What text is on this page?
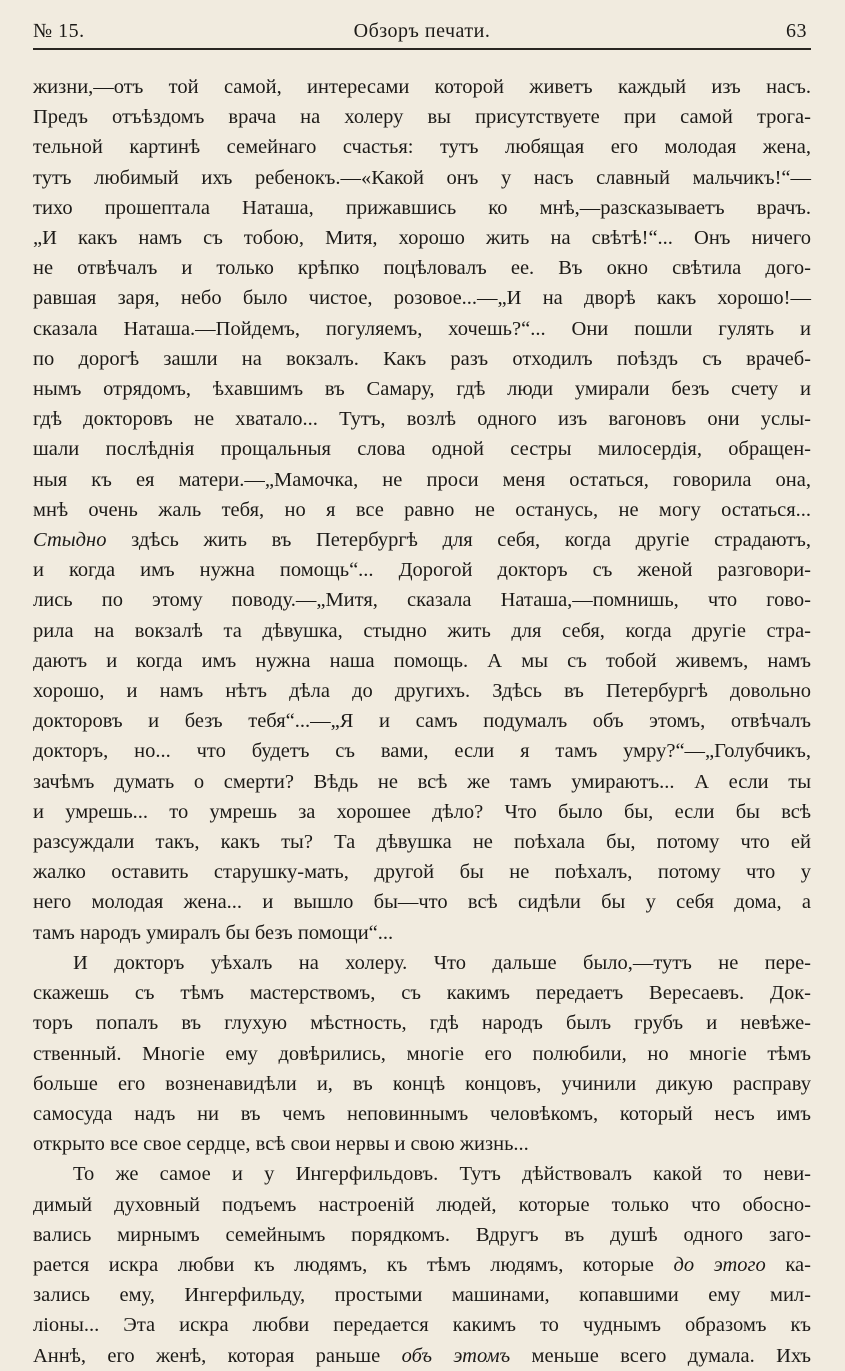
№ 15.	Обзоръ печати.	63
жизни,—отъ той самой, интересами которой живетъ каждый изъ насъ.
Предъ отъѣздомъ врача на холеру вы присутствуете при самой трога-
тельной картинѣ семейнаго счастья: тутъ любящая его молодая жена,
тутъ любимый ихъ ребенокъ.—«Какой онъ у насъ славный мальчикъ!“—
тихо прошептала Наташа, прижавшись ко мнѣ,—разсказываетъ врачъ.
„И какъ намъ съ тобою, Митя, хорошо жить на свѣтѣ!“... Онъ ничего
не отвѣчалъ и только крѣпко поцѣловалъ ее. Въ окно свѣтила дого-
равшая заря, небо было чистое, розовое...—„И на дворѣ какъ хорошо!—
сказала Наташа.—Пойдемъ, погуляемъ, хочешь?“... Они пошли гулять и
по дорогѣ зашли на вокзалъ. Какъ разъ отходилъ поѣздъ съ врачеб-
нымъ отрядомъ, ѣхавшимъ въ Самару, гдѣ люди умирали безъ счету и
гдѣ докторовъ не хватало... Тутъ, возлѣ одного изъ вагоновъ они услы-
шали послѣднія прощальныя слова одной сестры милосердія, обращен-
ныя къ ея матери.—„Мамочка, не проси меня остаться, говорила она,
мнѣ очень жаль тебя, но я все равно не останусь, не могу остаться...
Стыдно здѣсь жить въ Петербургѣ для себя, когда другіе страдаютъ,
и когда имъ нужна помощь“... Дорогой докторъ съ женой разговори-
лись по этому поводу.—„Митя, сказала Наташа,—помнишь, что гово-
рила на вокзалѣ та дѣвушка, стыдно жить для себя, когда другіе стра-
даютъ и когда имъ нужна наша помощь. А мы съ тобой живемъ, намъ
хорошо, и намъ нѣтъ дѣла до другихъ. Здѣсь въ Петербургѣ довольно
докторовъ и безъ тебя“...—„Я и самъ подумалъ объ этомъ, отвѣчалъ
докторъ, но... что будетъ съ вами, если я тамъ умру?“—„Голубчикъ,
зачѣмъ думать о смерти? Вѣдь не всѣ же тамъ умираютъ... А если ты
и умрешь... то умрешь за хорошее дѣло? Что было бы, если бы всѣ
разсуждали такъ, какъ ты? Та дѣвушка не поѣхала бы, потому что ей
жалко оставить старушку-мать, другой бы не поѣхалъ, потому что у
него молодая жена... и вышло бы—что всѣ сидѣли бы у себя дома, а
тамъ народъ умиралъ бы безъ помощи“...
И докторъ уѣхалъ на холеру. Что дальше было,—тутъ не пере-
скажешь съ тѣмъ мастерствомъ, съ какимъ передаетъ Вересаевъ. Док-
торъ попалъ въ глухую мѣстность, гдѣ народъ былъ грубъ и невѣже-
ственный. Многіе ему довѣрились, многіе его полюбили, но многіе тѣмъ
больше его возненавидѣли и, въ концѣ концовъ, учинили дикую расправу
самосуда надъ ни въ чемъ неповиннымъ человѣкомъ, который несъ имъ
открыто все свое сердце, всѣ свои нервы и свою жизнь...
То же самое и у Ингерфильдовъ. Тутъ дѣйствовалъ какой то неви-
димый духовный подъемъ настроеній людей, которые только что обосно-
вались мирнымъ семейнымъ порядкомъ. Вдругъ въ душѣ одного заго-
рается искра любви къ людямъ, къ тѣмъ людямъ, которые до этого ка-
зались ему, Ингерфильду, простыми машинами, копавшими ему мил-
ліоны... Эта искра любви передается какимъ то чуднымъ образомъ къ
Аннѣ, его женѣ, которая раньше объ этомъ меньше всего думала. Ихъ
